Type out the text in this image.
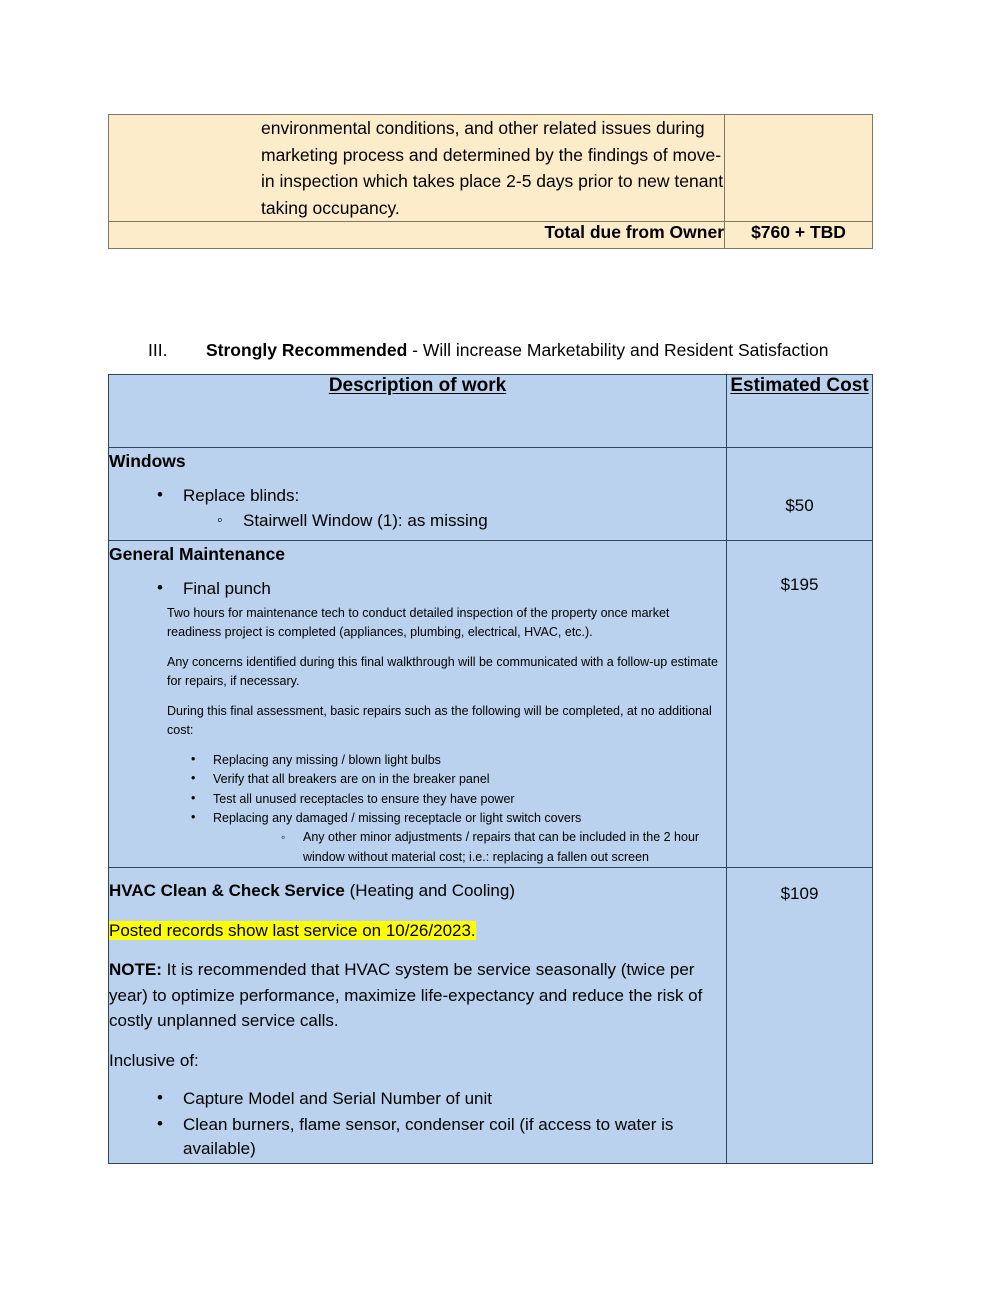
environmental conditions, and other related issues during marketing process and determined by the findings of move-in inspection which takes place 2-5 days prior to new tenant taking occupancy.	
Total due from Owner	$760 + TBD
III. Strongly Recommended - Will increase Marketability and Resident Satisfaction
Description of work	Estimated Cost

Windows
• Replace blinds:
◦ Stairwell Window (1): as missing

$50

General Maintenance
• Final punch

Two hours for maintenance tech to conduct detailed inspection of the property once market readiness project is completed (appliances, plumbing, electrical, HVAC, etc.).

Any concerns identified during this final walkthrough will be communicated with a follow-up estimate for repairs, if necessary.

During this final assessment, basic repairs such as the following will be completed, at no additional cost:

• Replacing any missing / blown light bulbs
• Verify that all breakers are on in the breaker panel
• Test all unused receptacles to ensure they have power
• Replacing any damaged / missing receptacle or light switch covers
◦ Any other minor adjustments / repairs that can be included in the 2 hour window without material cost; i.e.: replacing a fallen out screen

$195

HVAC Clean & Check Service (Heating and Cooling)
Posted records show last service on 10/26/2023.
NOTE: It is recommended that HVAC system be service seasonally (twice per year) to optimize performance, maximize life-expectancy and reduce the risk of costly unplanned service calls.
Inclusive of:
• Capture Model and Serial Number of unit
• Clean burners, flame sensor, condenser coil (if access to water is available)

$109
